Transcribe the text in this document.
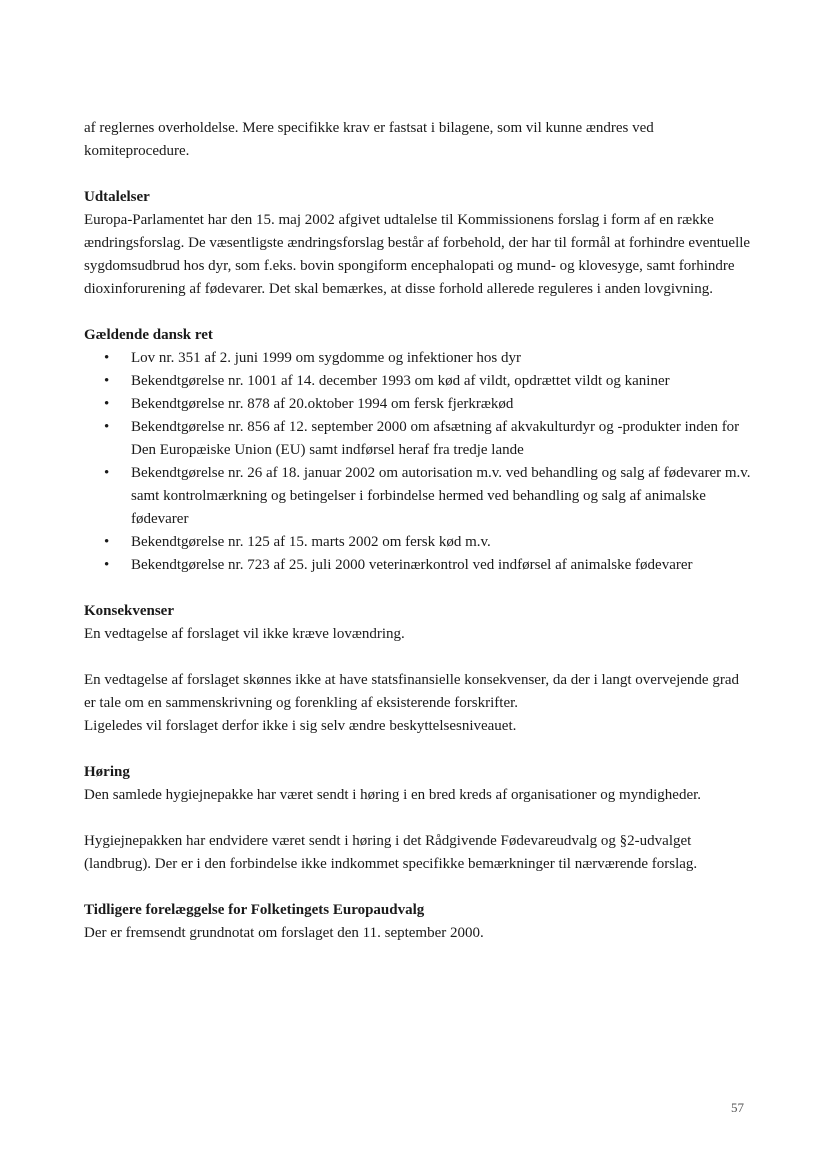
af reglernes overholdelse. Mere specifikke krav er fastsat i bilagene, som vil kunne ændres ved komiteprocedure.

Udtalelser

Europa-Parlamentet har den 15. maj 2002 afgivet udtalelse til Kommissionens forslag i form af en række ændringsforslag. De væsentligste ændringsforslag består af forbehold, der har til formål at forhindre eventuelle sygdomsudbrud hos dyr, som f.eks. bovin spongiform encephalopati og mund- og klovesyge, samt forhindre dioxinforurening af fødevarer. Det skal bemærkes, at disse forhold allerede reguleres i anden lovgivning.

Gældende dansk ret

• Lov nr. 351 af 2. juni 1999 om sygdomme og infektioner hos dyr
• Bekendtgørelse nr. 1001 af 14. december 1993 om kød af vildt, opdrættet vildt og kaniner
• Bekendtgørelse nr. 878 af 20.oktober 1994 om fersk fjerkrækød
• Bekendtgørelse nr. 856 af 12. september 2000 om afsætning af akvakulturdyr og -produkter inden for Den Europæiske Union (EU) samt indførsel heraf fra tredje lande
• Bekendtgørelse nr. 26 af 18. januar 2002 om autorisation m.v. ved behandling og salg af fødevarer m.v. samt kontrolmærkning og betingelser i forbindelse hermed ved behandling og salg af animalske fødevarer
• Bekendtgørelse nr. 125 af 15. marts 2002 om fersk kød m.v.
• Bekendtgørelse nr. 723 af 25. juli 2000 veterinærkontrol ved indførsel af animalske fødevarer

Konsekvenser

En vedtagelse af forslaget vil ikke kræve lovændring.

En vedtagelse af forslaget skønnes ikke at have statsfinansielle konsekvenser, da der i langt overvejende grad er tale om en sammenskrivning og forenkling af eksisterende forskrifter.

Ligeledes vil forslaget derfor ikke i sig selv ændre beskyttelsesniveauet.

Høring

Den samlede hygiejnepakke har været sendt i høring i en bred kreds af organisationer og myndigheder.

Hygiejnepakken har endvidere været sendt i høring i det Rådgivende Fødevareudvalg og §2-udvalget (landbrug). Der er i den forbindelse ikke indkommet specifikke bemærkninger til nærværende forslag.

Tidligere forelæggelse for Folketingets Europaudvalg

Der er fremsendt grundnotat om forslaget den 11. september 2000.

57
